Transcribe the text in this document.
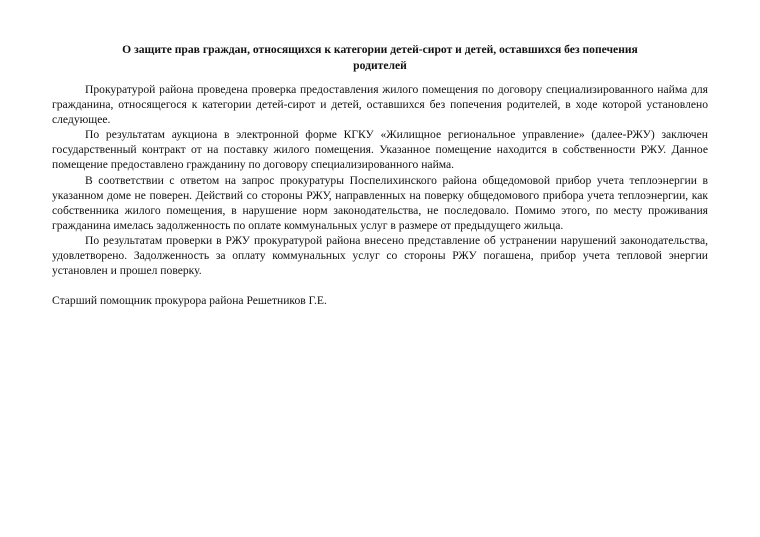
О защите прав граждан, относящихся к категории детей-сирот и детей, оставшихся без попечения
родителей

Прокуратурой района проведена проверка предоставления жилого помещения по договору специализированного найма для гражданина, относящегося к категории детей-сирот и детей, оставшихся без попечения родителей, в ходе которой установлено следующее.

По результатам аукциона в электронной форме КГКУ «Жилищное региональное управление» (далее-РЖУ) заключен государственный контракт от на поставку жилого помещения. Указанное помещение находится в собственности РЖУ. Данное помещение предоставлено гражданину по договору специализированного найма.

В соответствии с ответом на запрос прокуратуры Поспелихинского района общедомовой прибор учета теплоэнергии в указанном доме не поверен. Действий со стороны РЖУ, направленных на поверку общедомового прибора учета теплоэнергии, как собственника жилого помещения, в нарушение норм законодательства, не последовало. Помимо этого, по месту проживания гражданина имелась задолженность по оплате коммунальных услуг в размере от предыдущего жильца.

По результатам проверки в РЖУ прокуратурой района внесено представление об устранении нарушений законодательства, удовлетворено. Задолженность за оплату коммунальных услуг со стороны РЖУ погашена, прибор учета тепловой энергии установлен и прошел поверку.

Старший помощник прокурора района Решетников Г.Е.
